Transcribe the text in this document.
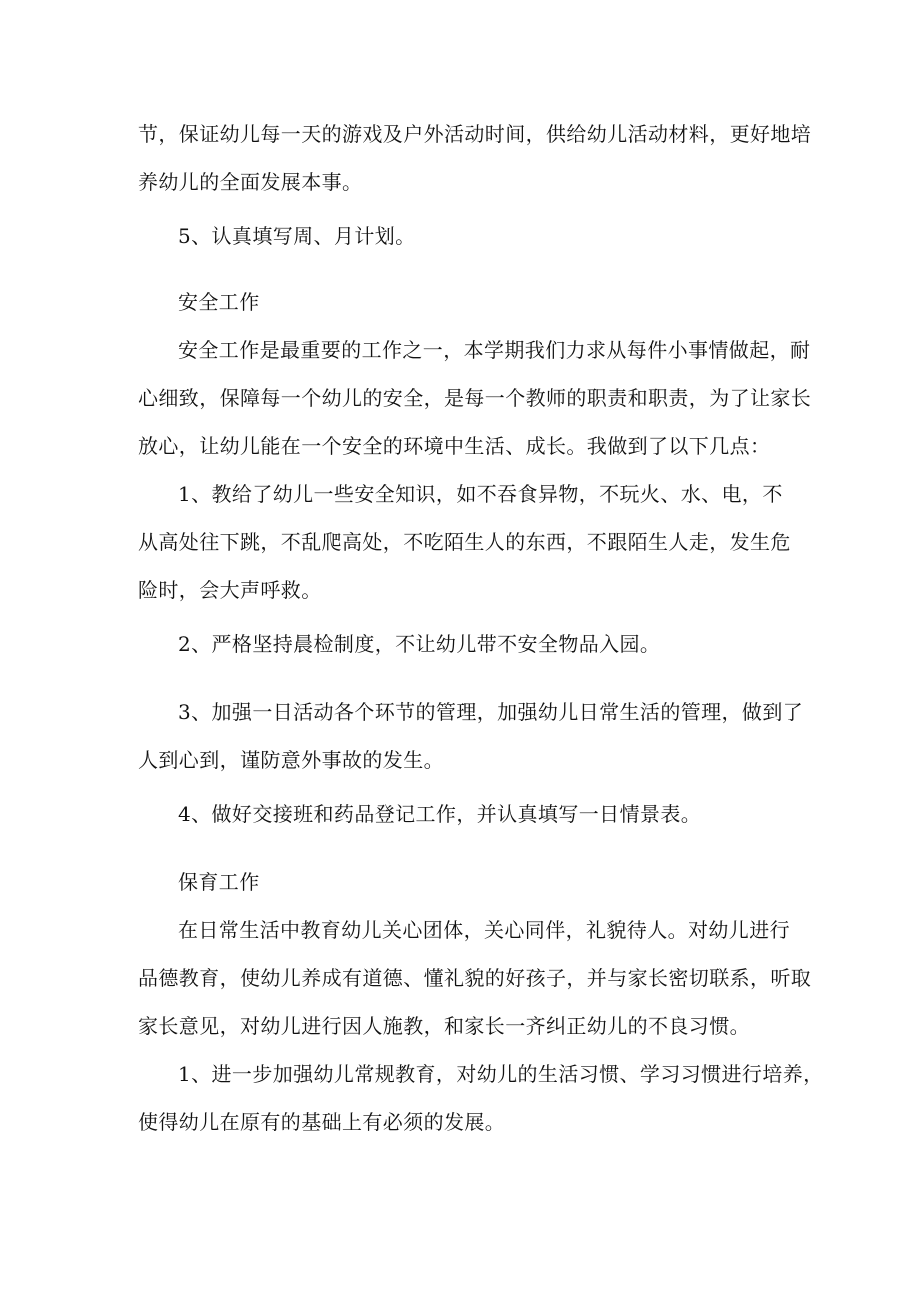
节，保证幼儿每一天的游戏及户外活动时间，供给幼儿活动材料，更好地培
养幼儿的全面发展本事。
5、认真填写周、月计划。
安全工作
安全工作是最重要的工作之一，本学期我们力求从每件小事情做起，耐
心细致，保障每一个幼儿的安全，是每一个教师的职责和职责，为了让家长
放心，让幼儿能在一个安全的环境中生活、成长。我做到了以下几点：
1、教给了幼儿一些安全知识，如不吞食异物，不玩火、水、电，不
从高处往下跳，不乱爬高处，不吃陌生人的东西，不跟陌生人走，发生危
险时，会大声呼救。
2、严格坚持晨检制度，不让幼儿带不安全物品入园。
3、加强一日活动各个环节的管理，加强幼儿日常生活的管理，做到了
人到心到，谨防意外事故的发生。
4、做好交接班和药品登记工作，并认真填写一日情景表。
保育工作
在日常生活中教育幼儿关心团体，关心同伴，礼貌待人。对幼儿进行
品德教育，使幼儿养成有道德、懂礼貌的好孩子，并与家长密切联系，听取
家长意见，对幼儿进行因人施教，和家长一齐纠正幼儿的不良习惯。
1、进一步加强幼儿常规教育，对幼儿的生活习惯、学习习惯进行培养，
使得幼儿在原有的基础上有必须的发展。
